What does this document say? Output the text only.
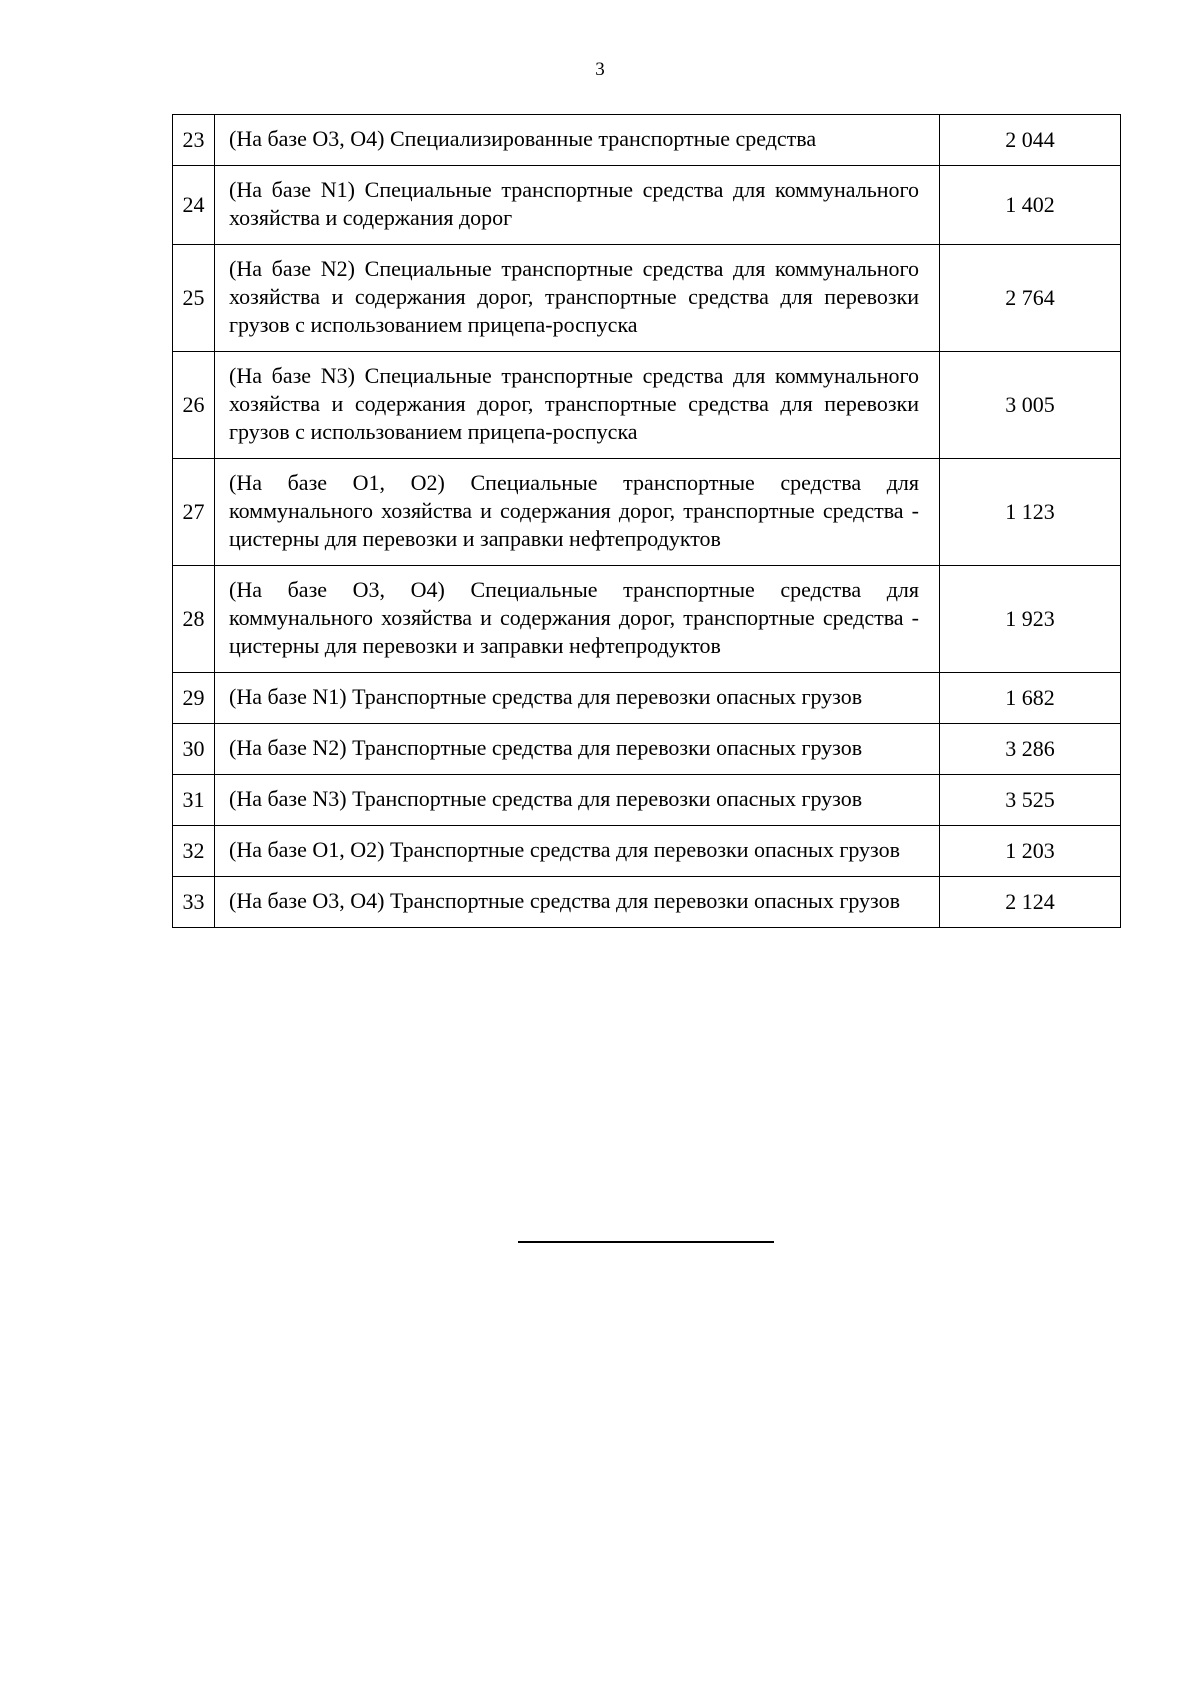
3
23	(На базе O3, O4) Специализированные транспортные средства	2 044
24	(На базе N1) Специальные транспортные средства для коммунального хозяйства и содержания дорог	1 402
25	(На базе N2) Специальные транспортные средства для коммунального хозяйства и содержания дорог, транспортные средства для перевозки грузов с использованием прицепа-роспуска	2 764
26	(На базе N3) Специальные транспортные средства для коммунального хозяйства и содержания дорог, транспортные средства для перевозки грузов с использованием прицепа-роспуска	3 005
27	(На базе O1, O2) Специальные транспортные средства для коммунального хозяйства и содержания дорог, транспортные средства - цистерны для перевозки и заправки нефтепродуктов	1 123
28	(На базе O3, O4) Специальные транспортные средства для коммунального хозяйства и содержания дорог, транспортные средства - цистерны для перевозки и заправки нефтепродуктов	1 923
29	(На базе N1) Транспортные средства для перевозки опасных грузов	1 682
30	(На базе N2) Транспортные средства для перевозки опасных грузов	3 286
31	(На базе N3) Транспортные средства для перевозки опасных грузов	3 525
32	(На базе O1, O2) Транспортные средства для перевозки опасных грузов	1 203
33	(На базе O3, O4) Транспортные средства для перевозки опасных грузов	2 124
